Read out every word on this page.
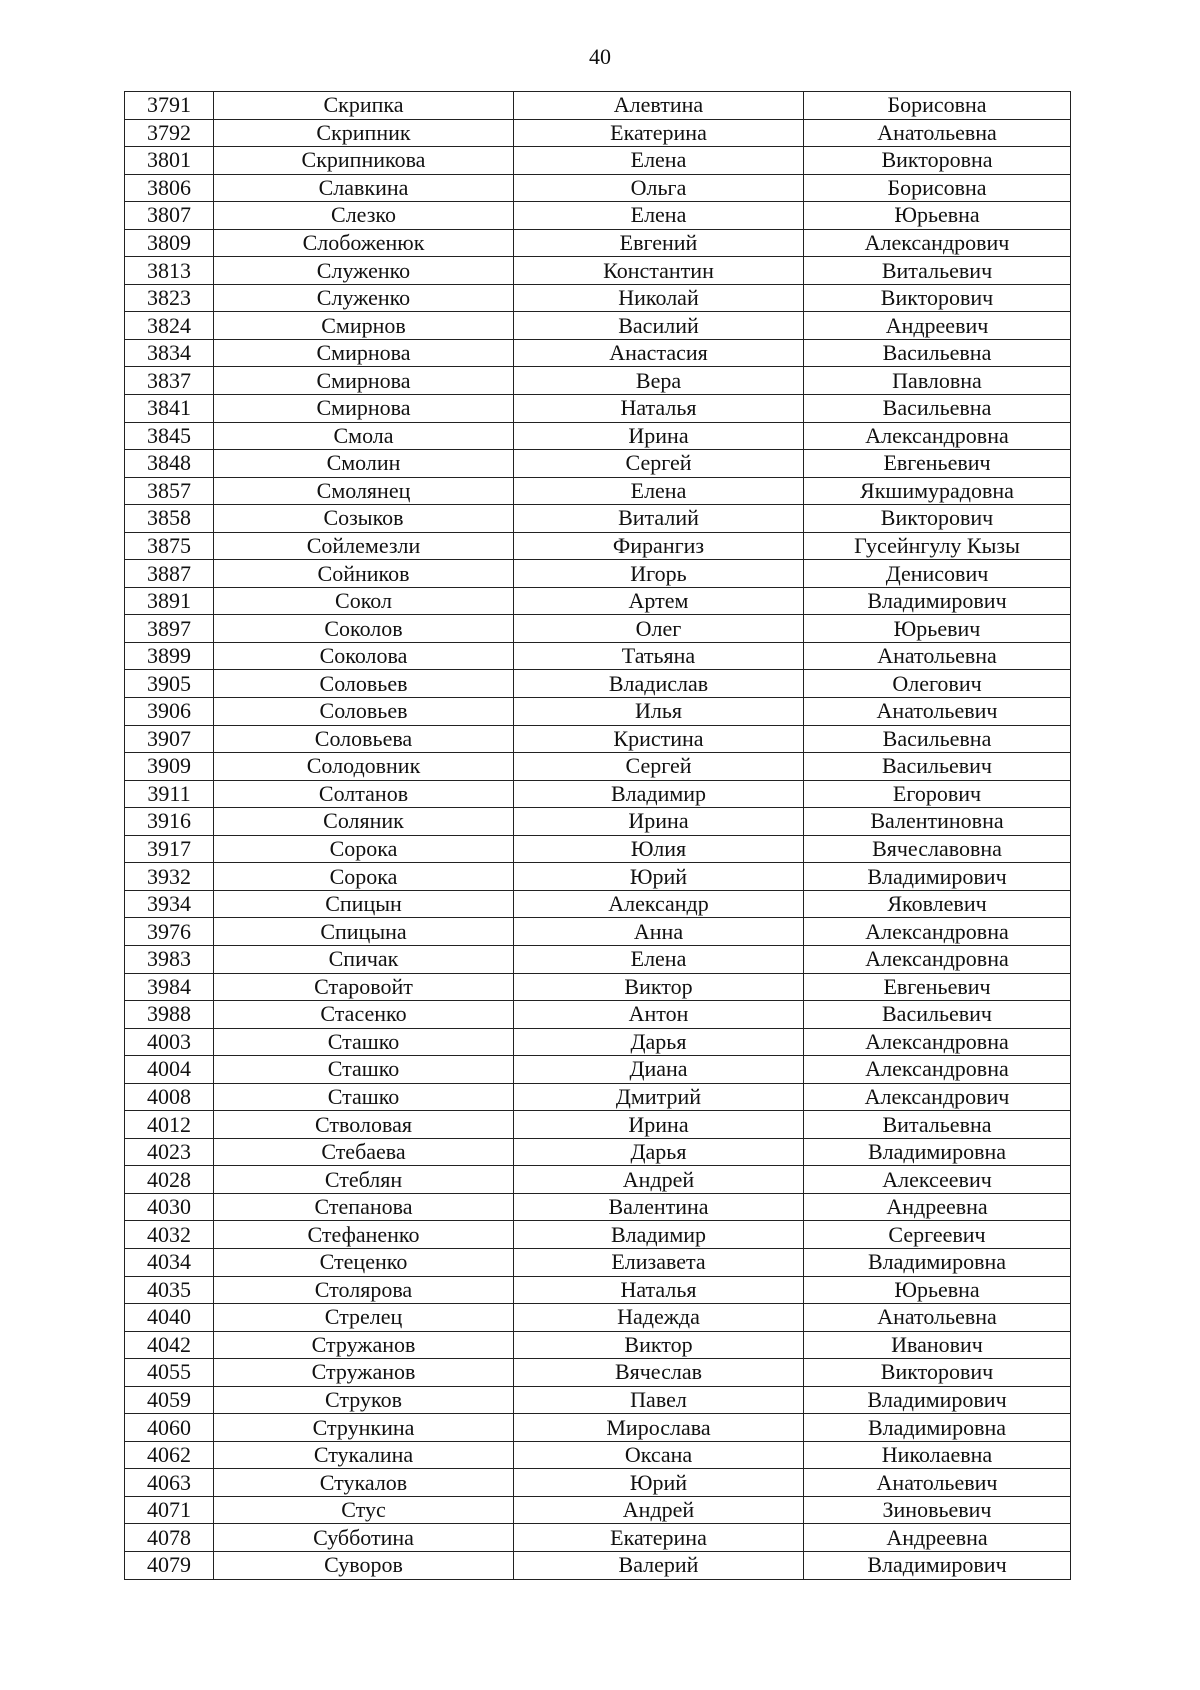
40
3791	Скрипка	Алевтина	Борисовна
3792	Скрипник	Екатерина	Анатольевна
3801	Скрипникова	Елена	Викторовна
3806	Славкина	Ольга	Борисовна
3807	Слезко	Елена	Юрьевна
3809	Слобоженюк	Евгений	Александрович
3813	Служенко	Константин	Витальевич
3823	Служенко	Николай	Викторович
3824	Смирнов	Василий	Андреевич
3834	Смирнова	Анастасия	Васильевна
3837	Смирнова	Вера	Павловна
3841	Смирнова	Наталья	Васильевна
3845	Смола	Ирина	Александровна
3848	Смолин	Сергей	Евгеньевич
3857	Смолянец	Елена	Якшимурадовна
3858	Созыков	Виталий	Викторович
3875	Сойлемезли	Фирангиз	Гусейнгулу Кызы
3887	Сойников	Игорь	Денисович
3891	Сокол	Артем	Владимирович
3897	Соколов	Олег	Юрьевич
3899	Соколова	Татьяна	Анатольевна
3905	Соловьев	Владислав	Олегович
3906	Соловьев	Илья	Анатольевич
3907	Соловьева	Кристина	Васильевна
3909	Солодовник	Сергей	Васильевич
3911	Солтанов	Владимир	Егорович
3916	Соляник	Ирина	Валентиновна
3917	Сорока	Юлия	Вячеславовна
3932	Сорока	Юрий	Владимирович
3934	Спицын	Александр	Яковлевич
3976	Спицына	Анна	Александровна
3983	Спичак	Елена	Александровна
3984	Старовойт	Виктор	Евгеньевич
3988	Стасенко	Антон	Васильевич
4003	Сташко	Дарья	Александровна
4004	Сташко	Диана	Александровна
4008	Сташко	Дмитрий	Александрович
4012	Стволовая	Ирина	Витальевна
4023	Стебаева	Дарья	Владимировна
4028	Стеблян	Андрей	Алексеевич
4030	Степанова	Валентина	Андреевна
4032	Стефаненко	Владимир	Сергеевич
4034	Стеценко	Елизавета	Владимировна
4035	Столярова	Наталья	Юрьевна
4040	Стрелец	Надежда	Анатольевна
4042	Стружанов	Виктор	Иванович
4055	Стружанов	Вячеслав	Викторович
4059	Струков	Павел	Владимирович
4060	Стрункина	Мирослава	Владимировна
4062	Стукалина	Оксана	Николаевна
4063	Стукалов	Юрий	Анатольевич
4071	Стус	Андрей	Зиновьевич
4078	Субботина	Екатерина	Андреевна
4079	Суворов	Валерий	Владимирович
